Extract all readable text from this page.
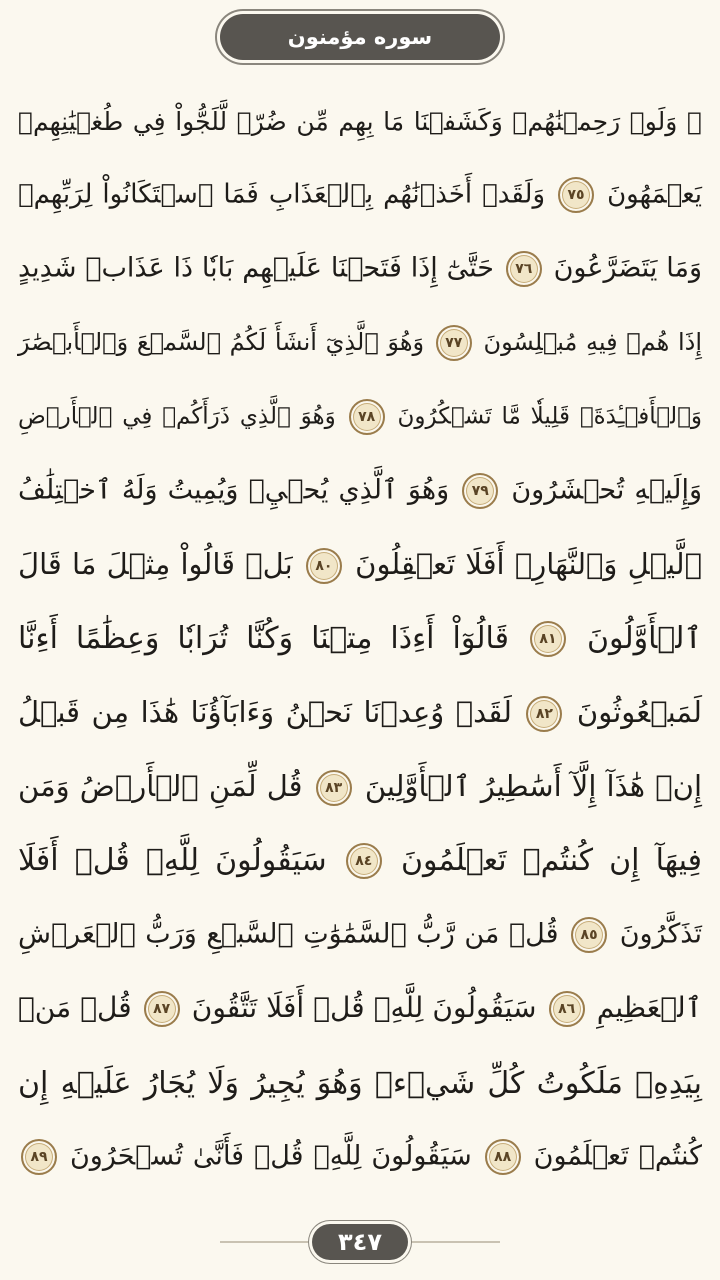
سوره مؤمنون
۞ وَلَوۡ رَحِمۡنَٰهُمۡ وَكَشَفۡنَا مَا بِهِم مِّن ضُرّٖ لَّلَجُّواْ فِي طُغۡيَٰنِهِمۡ
يَعۡمَهُونَ ٧٥ وَلَقَدۡ أَخَذۡنَٰهُم بِٱلۡعَذَابِ فَمَا ٱسۡتَكَانُواْ لِرَبِّهِمۡ
وَمَا يَتَضَرَّعُونَ ٧٦ حَتَّىٰٓ إِذَا فَتَحۡنَا عَلَيۡهِم بَابٗا ذَا عَذَابٖ شَدِيدٍ
إِذَا هُمۡ فِيهِ مُبۡلِسُونَ ٧٧ وَهُوَ ٱلَّذِيٓ أَنشَأَ لَكُمُ ٱلسَّمۡعَ وَٱلۡأَبۡصَٰرَ
وَٱلۡأَفۡـِٔدَةَۚ قَلِيلٗا مَّا تَشۡكُرُونَ ٧٨ وَهُوَ ٱلَّذِي ذَرَأَكُمۡ فِي ٱلۡأَرۡضِ
وَإِلَيۡهِ تُحۡشَرُونَ ٧٩ وَهُوَ ٱلَّذِي يُحۡيِۦ وَيُمِيتُ وَلَهُ ٱخۡتِلَٰفُ
ٱلَّيۡلِ وَٱلنَّهَارِۚ أَفَلَا تَعۡقِلُونَ ٨٠ بَلۡ قَالُواْ مِثۡلَ مَا قَالَ
ٱلۡأَوَّلُونَ ٨١ قَالُوٓاْ أَءِذَا مِتۡنَا وَكُنَّا تُرَابٗا وَعِظَٰمًا أَءِنَّا
لَمَبۡعُوثُونَ ٨٢ لَقَدۡ وُعِدۡنَا نَحۡنُ وَءَابَآؤُنَا هَٰذَا مِن قَبۡلُ
إِنۡ هَٰذَآ إِلَّآ أَسَٰطِيرُ ٱلۡأَوَّلِينَ ٨٣ قُل لِّمَنِ ٱلۡأَرۡضُ وَمَن
فِيهَآ إِن كُنتُمۡ تَعۡلَمُونَ ٨٤ سَيَقُولُونَ لِلَّهِۚ قُلۡ أَفَلَا
تَذَكَّرُونَ ٨٥ قُلۡ مَن رَّبُّ ٱلسَّمَٰوَٰتِ ٱلسَّبۡعِ وَرَبُّ ٱلۡعَرۡشِ
ٱلۡعَظِيمِ ٨٦ سَيَقُولُونَ لِلَّهِۚ قُلۡ أَفَلَا تَتَّقُونَ ٨٧ قُلۡ مَنۢ
بِيَدِهِۦ مَلَكُوتُ كُلِّ شَيۡءٖ وَهُوَ يُجِيرُ وَلَا يُجَارُ عَلَيۡهِ إِن
كُنتُمۡ تَعۡلَمُونَ ٨٨ سَيَقُولُونَ لِلَّهِۚ قُلۡ فَأَنَّىٰ تُسۡحَرُونَ ٨٩
٣٤٧
